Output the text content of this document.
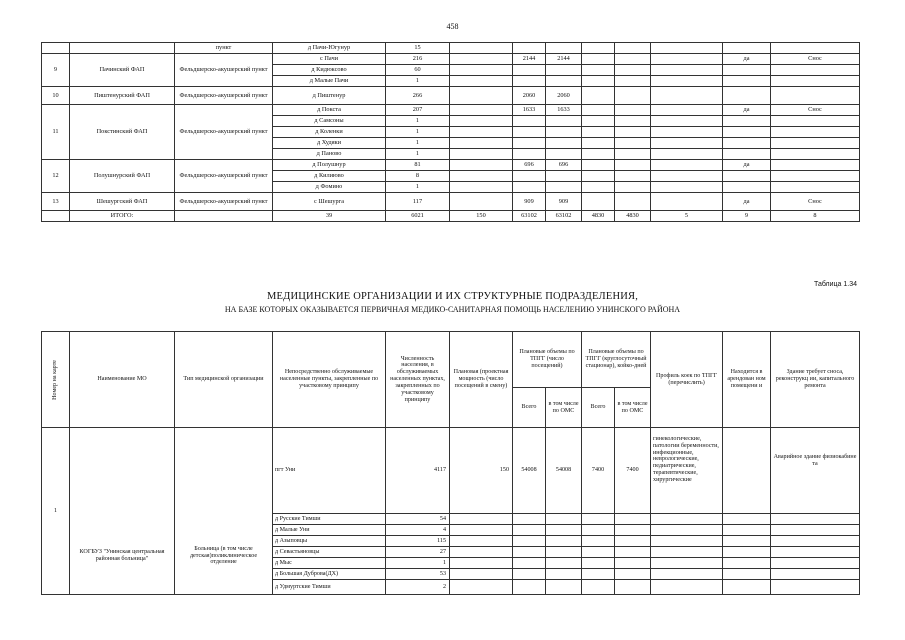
458
		пункт	д Пачи-Югунур	15								
9	Пачинский ФАП	Фельдшерско-акушерский пункт	с Пачи	216		2144	2144				да	Снос
			д Кидюксово	60								
			д Малые Пачи	1								
10	Пиштенурский ФАП	Фельдшерско-акушерский пункт	д Пиштенур	266		2060	2060					
11	Покстинский ФАП	Фельдшерско-акушерский пункт	д Покста	207		1633	1633				да	Снос
			д Самсоны	1								
			д Коленки	1								
			д Худяки	1								
			д Паново	1								
12	Полушнурский ФАП	Фельдшерско-акушерский пункт	д Полушнур	81		696	696				да	
			д Килиюво	8								
			д Фомино	1								
13	Шешургский ФАП	Фельдшерско-акушерский пункт	с Шешурга	117		909	909				да	Снос
	ИТОГО:		39	6021	150	63102	63102	4830	4830	5	9	8
Таблица 1.34
МЕДИЦИНСКИЕ ОРГАНИЗАЦИИ И ИХ СТРУКТУРНЫЕ ПОДРАЗДЕЛЕНИЯ,
НА БАЗЕ КОТОРЫХ ОКАЗЫВАЕТСЯ ПЕРВИЧНАЯ МЕДИКО-САНИТАРНАЯ ПОМОЩЬ НАСЕЛЕНИЮ УНИНСКОГО РАЙОНА
Номер на карте	Наименование МО	Тип медицинской организации	Непосредственно обслуживаемые населенные пункты, закрепленные по участковому принципу	Численность населения, в обслуживаемых населенных пунктах, закрепленных по участковому принципу	Плановая (проектная мощность (число посещений в смену)	Плановые объемы по ТПГГ (число посещений)		Плановые объемы по ТПГГ (круглосуточный стационар), койко-дней		Профиль коек по ТПГГ (перечислить)	Находится в арендован ном помещени и	Здание требует сноса, реконструкц ии, капитального ремонта
						Всего	в том числе по ОМС	Всего	в том числе по ОМС			
1	КОГБУЗ "Унинская центральная районная больница"	Больница (в том числе детская)поликлиническое отделение	пгт Уни	4117	150	54008	54008	7400	7400	гинекологические, патологии беременности, инфекционные, неврологические, педиатрические, терапевтические, хирургические		Аварийное здание физиокабине та
			д Русские Тимши	54								
			д Малые Уни	4								
			д Азыповцы	115								
			д Севастьяновцы	27								
			д Мыс	1								
			д Большая Дуброва(ДХ)	53								
			д Удмуртские Тимши	2								
